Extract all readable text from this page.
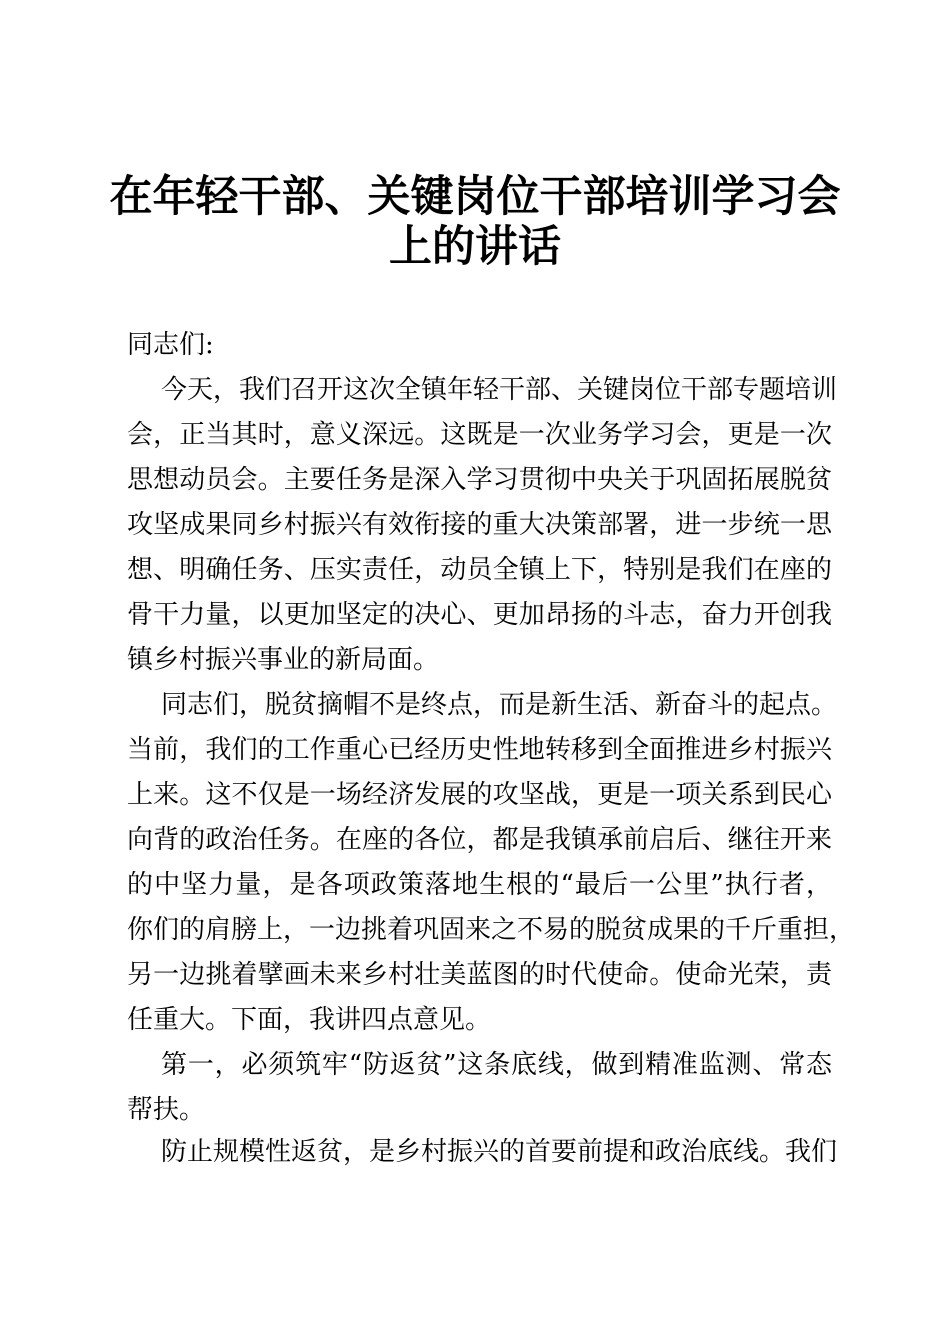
在年轻干部、关键岗位干部培训学习会
上的讲话
同志们:
今天，我们召开这次全镇年轻干部、关键岗位干部专题培训
会，正当其时，意义深远。这既是一次业务学习会，更是一次
思想动员会。主要任务是深入学习贯彻中央关于巩固拓展脱贫
攻坚成果同乡村振兴有效衔接的重大决策部署，进一步统一思
想、明确任务、压实责任，动员全镇上下，特别是我们在座的
骨干力量，以更加坚定的决心、更加昂扬的斗志，奋力开创我
镇乡村振兴事业的新局面。
同志们，脱贫摘帽不是终点，而是新生活、新奋斗的起点。
当前，我们的工作重心已经历史性地转移到全面推进乡村振兴
上来。这不仅是一场经济发展的攻坚战，更是一项关系到民心
向背的政治任务。在座的各位，都是我镇承前启后、继往开来
的中坚力量，是各项政策落地生根的“最后一公里”执行者，
你们的肩膀上，一边挑着巩固来之不易的脱贫成果的千斤重担，
另一边挑着擘画未来乡村壮美蓝图的时代使命。使命光荣，责
任重大。下面，我讲四点意见。
第一，必须筑牢“防返贫”这条底线，做到精准监测、常态
帮扶。
防止规模性返贫，是乡村振兴的首要前提和政治底线。我们
